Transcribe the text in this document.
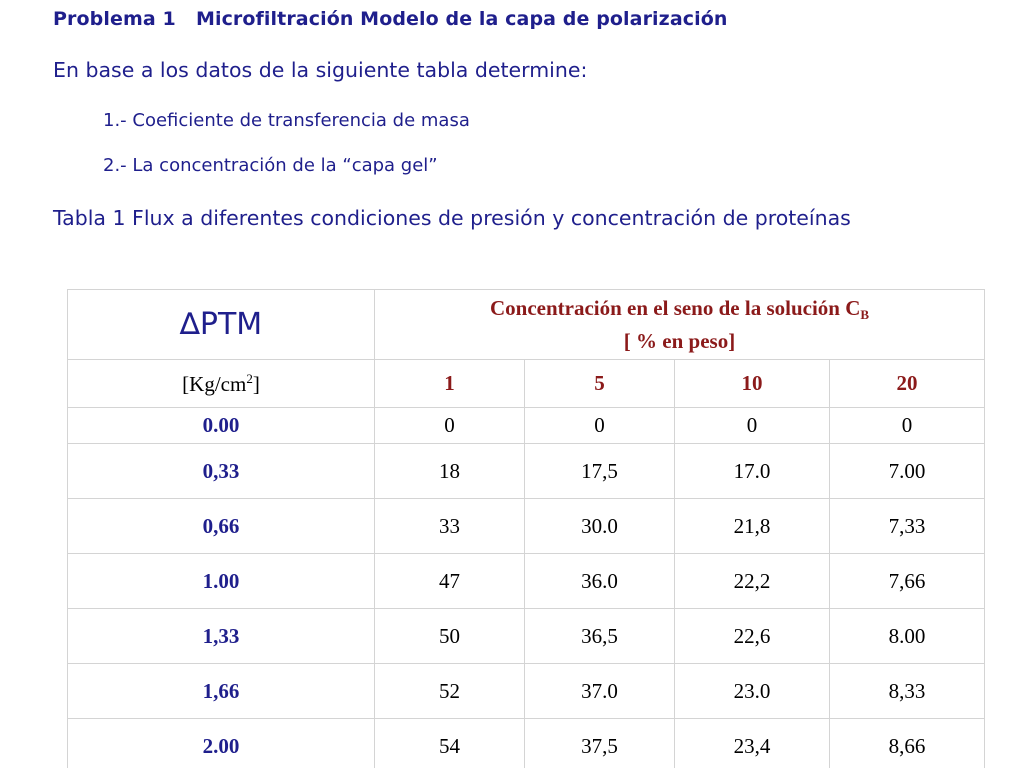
Problema 1   Microfiltración Modelo de la capa de polarización
En base a los datos de la siguiente tabla determine:
1.- Coeficiente de transferencia de masa
2.- La concentración de la “capa gel”
Tabla 1 Flux a diferentes condiciones de presión y concentración de proteínas
∆PTM	Concentración en el seno de la solución $C_B$
[ % en peso]			
$[Kg/cm^2]$	1	5	10	20
0.00	0	0	0	0
0,33	18	17,5	17.0	7.00
0,66	33	30.0	21,8	7,33
1.00	47	36.0	22,2	7,66
1,33	50	36,5	22,6	8.00
1,66	52	37.0	23.0	8,33
2.00	54	37,5	23,4	8,66
